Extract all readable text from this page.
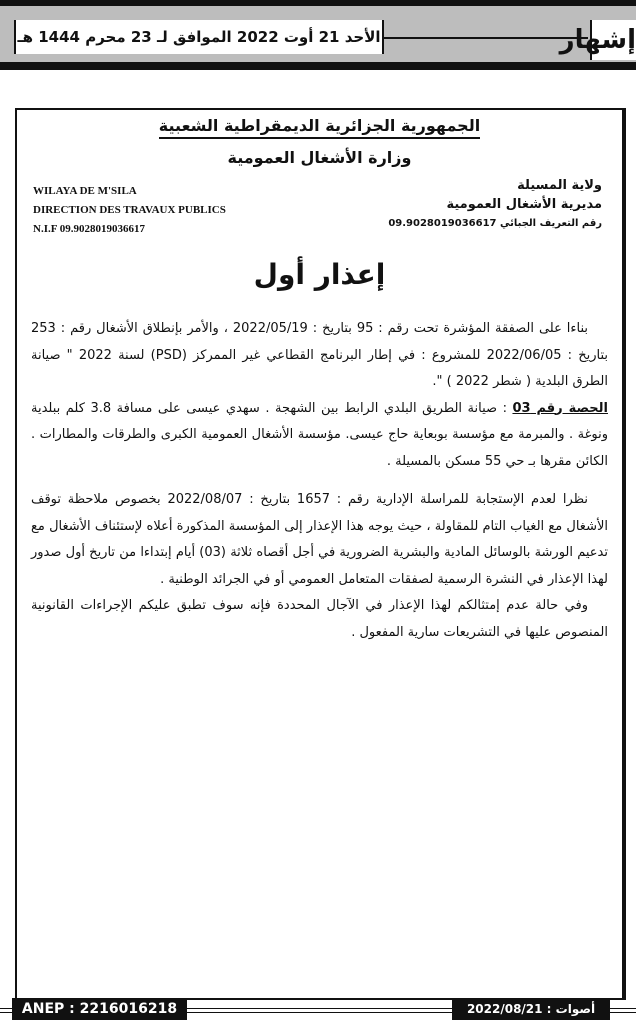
الأحد 21 أوت 2022 الموافق لـ 23 محرم 1444 هـ	إشهار
الجمهورية الجزائرية الديمقراطية الشعبية
وزارة الأشغال العمومية
WILAYA DE M'SILA
DIRECTION DES TRAVAUX PUBLICS
N.I.F 09.9028019036617
ولاية المسيلة
مديرية الأشغال العمومية
رقم التعريف الجبائي 09.9028019036617
إعذار أول

بناءا على الصفقة المؤشرة تحت رقم : 95 بتاريخ : 2022/05/19 ، والأمر بإنطلاق الأشغال رقم : 253 بتاريخ : 2022/06/05 للمشروع : في إطار البرنامج القطاعي غير الممركز (PSD) لسنة 2022 " صيانة الطرق البلدية ( شطر 2022 ) ".

الحصة رقم 03 : صيانة الطريق البلدي الرابط بين الشهجة . سهدي عيسى على مسافة 3.8 كلم ببلدية ونوغة . والمبرمة مع مؤسسة بوبعاية حاج عيسى. مؤسسة الأشغال العمومية الكبرى والطرقات والمطارات . الكائن مقرها بـ حي 55 مسكن بالمسيلة .

نظرا لعدم الإستجابة للمراسلة الإدارية رقم : 1657 بتاريخ : 2022/08/07 بخصوص ملاحظة توقف الأشغال مع الغياب التام للمقاولة ، حيث يوجه هذا الإعذار إلى المؤسسة المذكورة أعلاه لإستئناف الأشغال مع تدعيم الورشة بالوسائل المادية والبشرية الضرورية في أجل أقصاه ثلاثة (03) أيام إبتداءا من تاريخ أول صدور لهذا الإعذار في النشرة الرسمية لصفقات المتعامل العمومي أو في الجرائد الوطنية .

وفي حالة عدم إمتثالكم لهذا الإعذار في الآجال المحددة فإنه سوف تطبق عليكم الإجراءات القانونية المنصوص عليها في التشريعات سارية المفعول .

ANEP : 2216016218	أصوات : 2022/08/21
